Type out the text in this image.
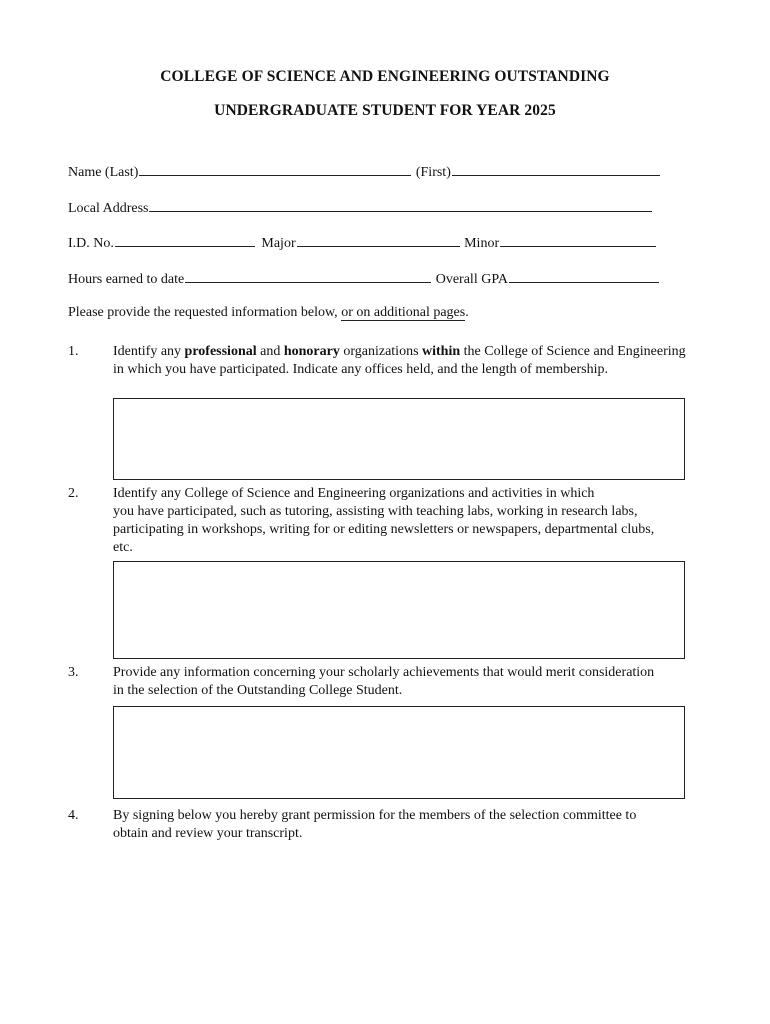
COLLEGE OF SCIENCE AND ENGINEERING OUTSTANDING
UNDERGRADUATE STUDENT FOR YEAR 2025
Name (Last)	(First)
Local Address
I.D. No.	Major	Minor
Hours earned to date	Overall GPA
Please provide the requested information below, or on additional pages.
1. Identify any professional and honorary organizations within the College of Science and Engineering
in which you have participated. Indicate any offices held, and the length of membership.
2. Identify any College of Science and Engineering organizations and activities in which
you have participated, such as tutoring, assisting with teaching labs, working in research labs,
participating in workshops, writing for or editing newsletters or newspapers, departmental clubs,
etc.
3. Provide any information concerning your scholarly achievements that would merit consideration
in the selection of the Outstanding College Student.
4. By signing below you hereby grant permission for the members of the selection committee to
obtain and review your transcript.
